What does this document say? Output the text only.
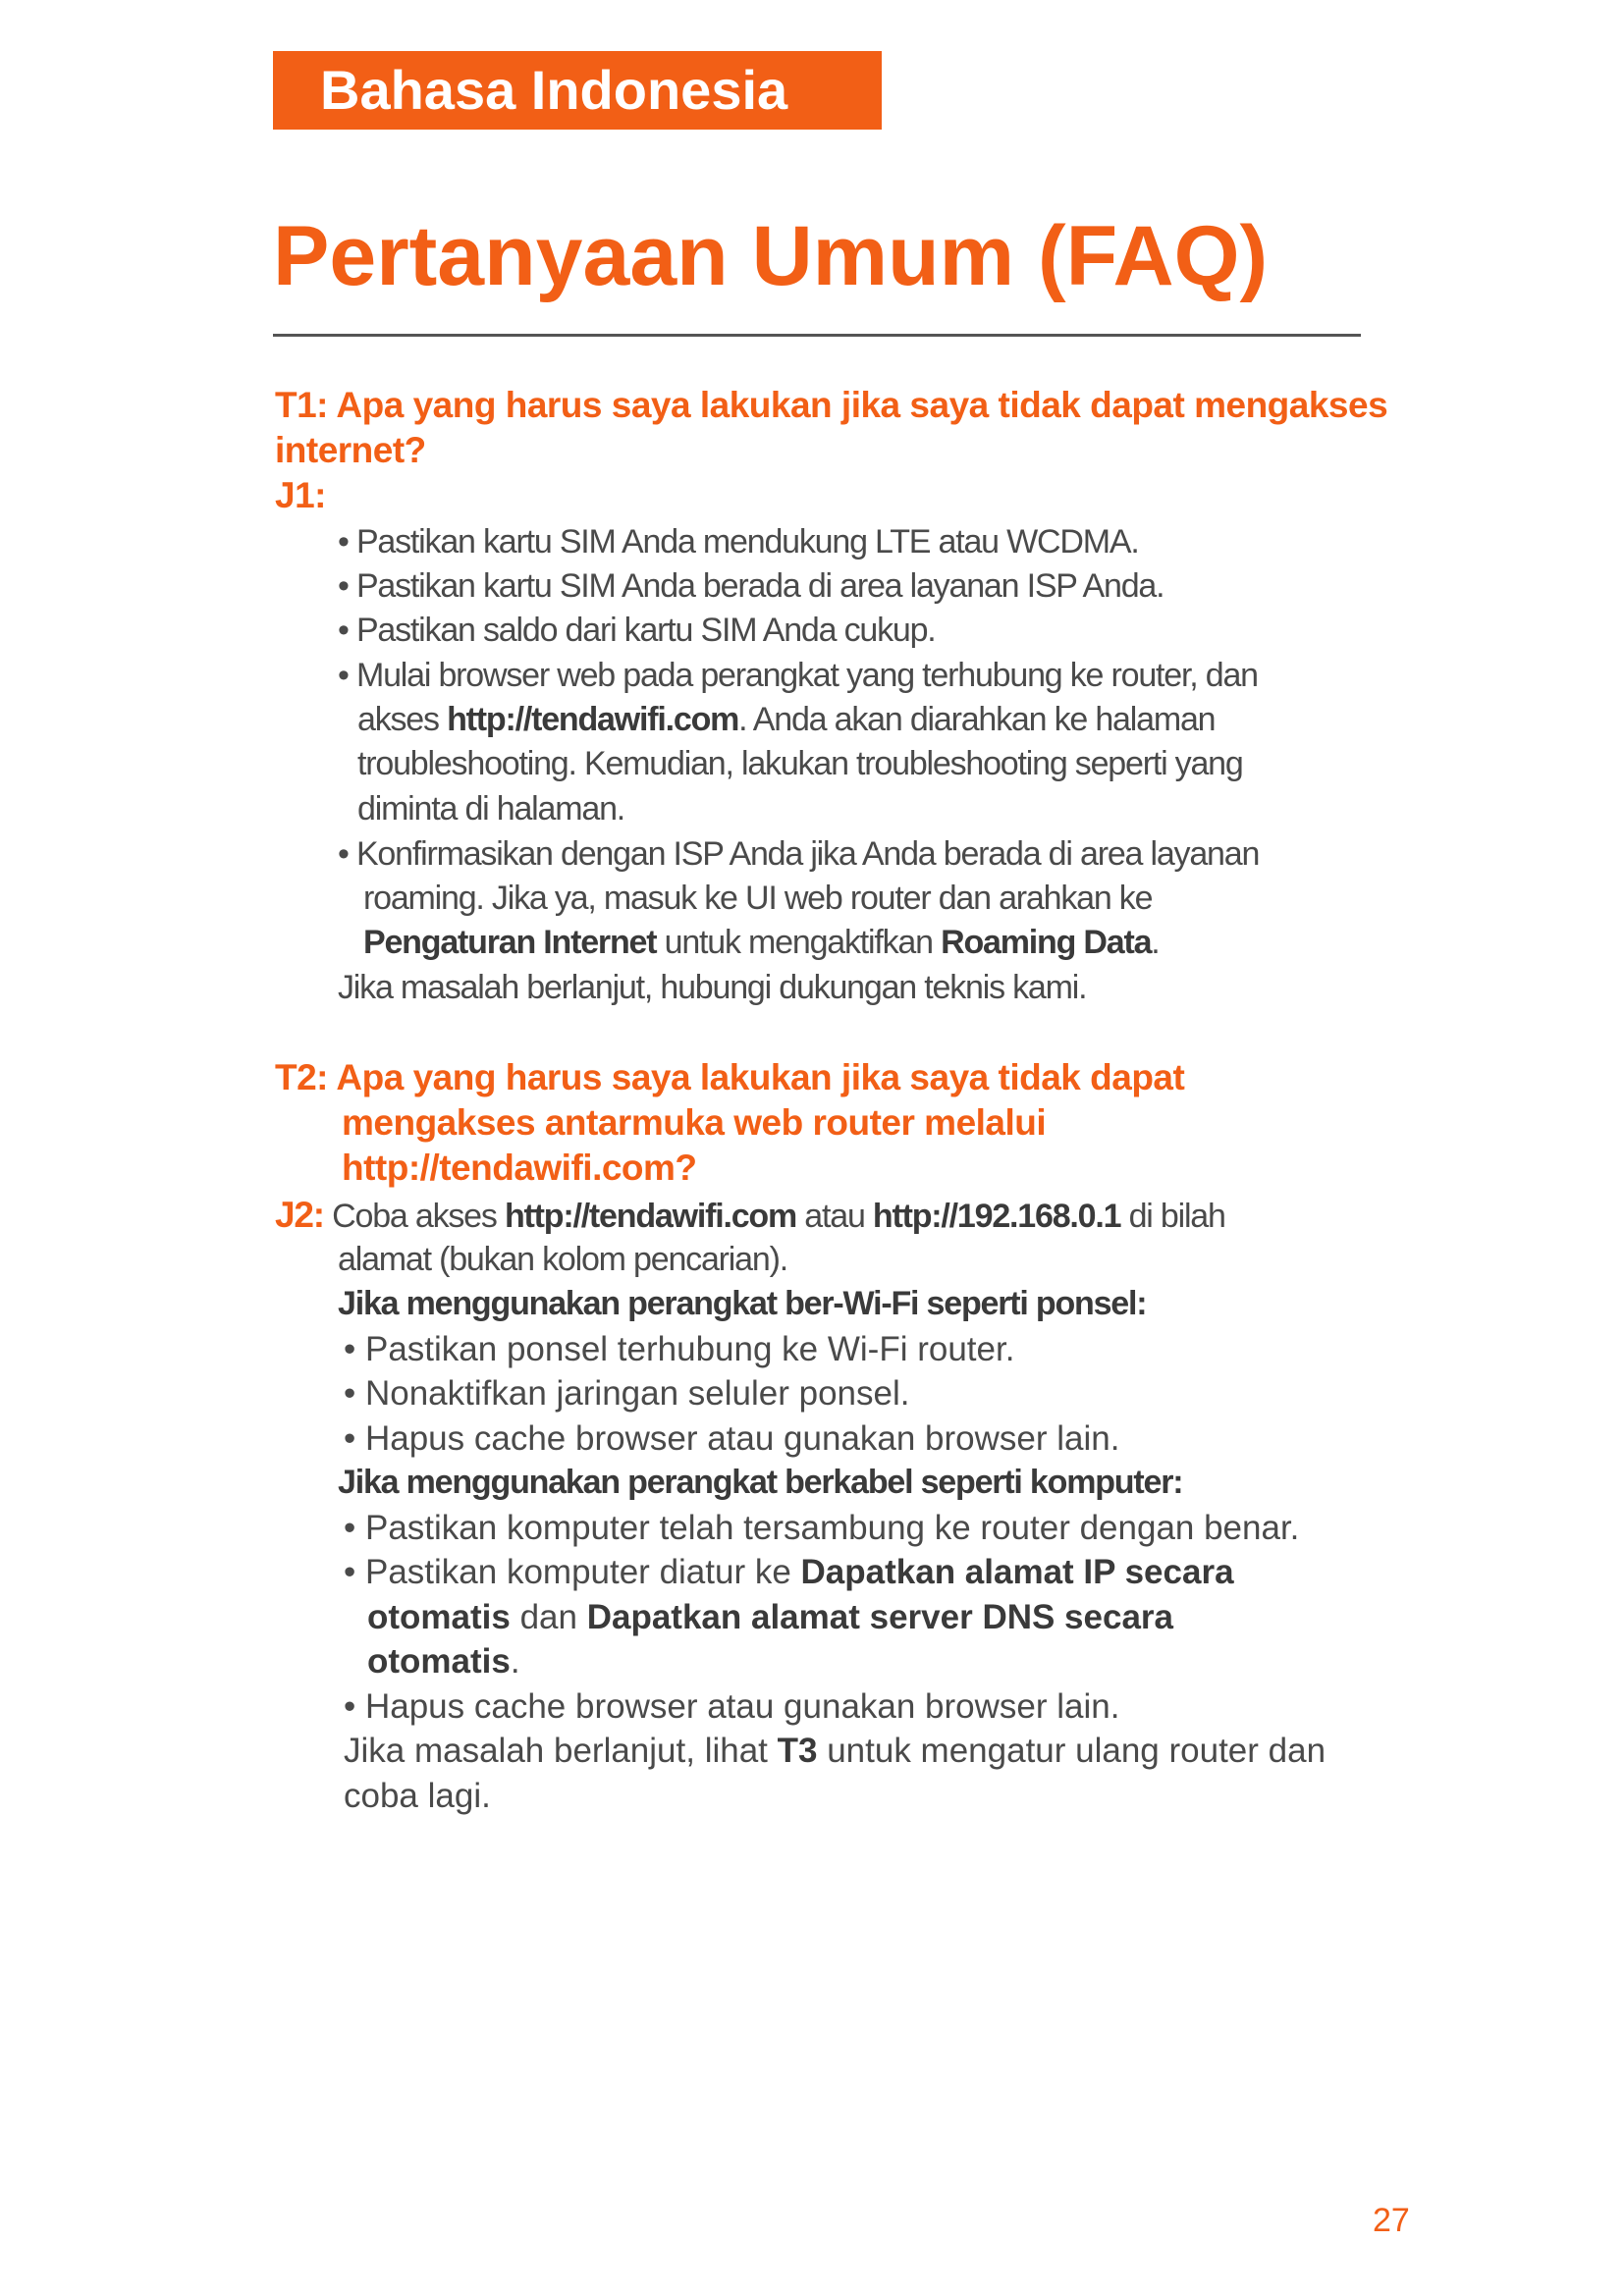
Bahasa Indonesia
Pertanyaan Umum (FAQ)
T1: Apa yang harus saya lakukan jika saya tidak dapat mengakses
internet?
J1:
• Pastikan kartu SIM Anda mendukung LTE atau WCDMA.
• Pastikan kartu SIM Anda berada di area layanan ISP Anda.
• Pastikan saldo dari kartu SIM Anda cukup.
• Mulai browser web pada perangkat yang terhubung ke router, dan
akses http://tendawifi.com. Anda akan diarahkan ke halaman
troubleshooting. Kemudian, lakukan troubleshooting seperti yang
diminta di halaman.
• Konfirmasikan dengan ISP Anda jika Anda berada di area layanan
roaming. Jika ya, masuk ke UI web router dan arahkan ke
Pengaturan Internet untuk mengaktifkan Roaming Data.
Jika masalah berlanjut, hubungi dukungan teknis kami.
T2: Apa yang harus saya lakukan jika saya tidak dapat
mengakses antarmuka web router melalui
http://tendawifi.com?
J2: Coba akses http://tendawifi.com atau http://192.168.0.1 di bilah
alamat (bukan kolom pencarian).
Jika menggunakan perangkat ber-Wi-Fi seperti ponsel:
• Pastikan ponsel terhubung ke Wi-Fi router.
• Nonaktifkan jaringan seluler ponsel.
• Hapus cache browser atau gunakan browser lain.
Jika menggunakan perangkat berkabel seperti komputer:
• Pastikan komputer telah tersambung ke router dengan benar.
• Pastikan komputer diatur ke Dapatkan alamat IP secara
otomatis dan Dapatkan alamat server DNS secara
otomatis.
• Hapus cache browser atau gunakan browser lain.
Jika masalah berlanjut, lihat T3 untuk mengatur ulang router dan
coba lagi.
27
